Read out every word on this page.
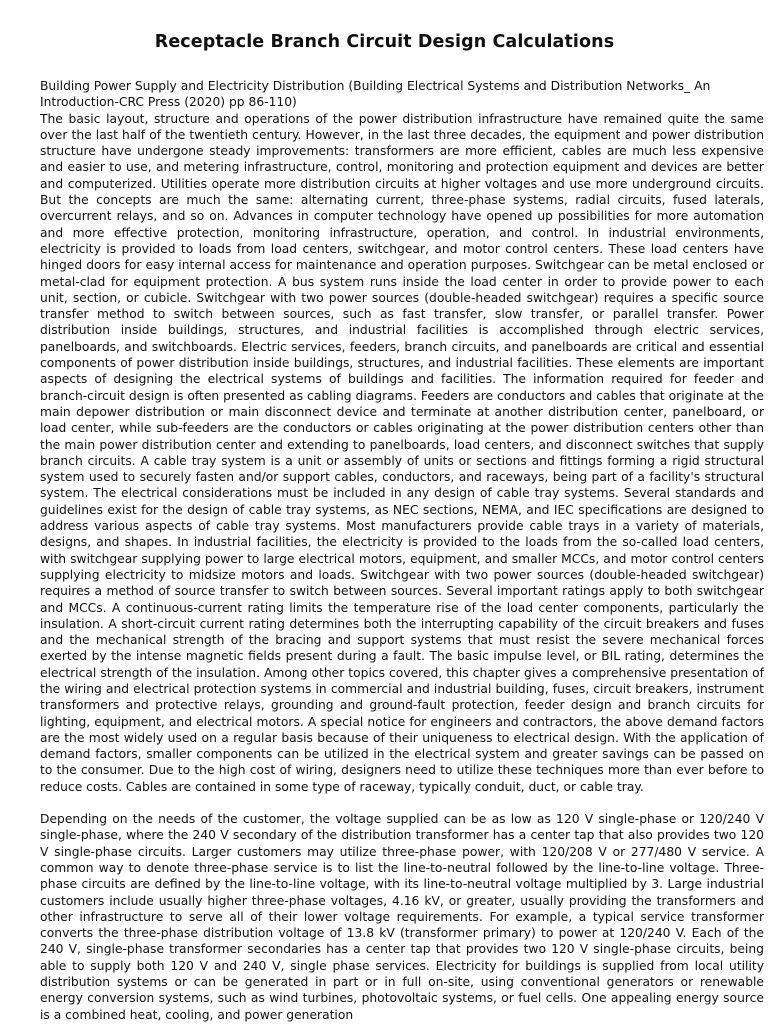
Receptacle Branch Circuit Design Calculations

Building Power Supply and Electricity Distribution (Building Electrical Systems and Distribution Networks_ An Introduction-CRC Press (2020) pp 86-110)

The basic layout, structure and operations of the power distribution infrastructure have remained quite the same over the last half of the twentieth century. However, in the last three decades, the equipment and power distribution structure have undergone steady improvements: transformers are more efficient, cables are much less expensive and easier to use, and metering infrastructure, control, monitoring and protection equipment and devices are better and computerized. Utilities operate more distribution circuits at higher voltages and use more underground circuits. But the concepts are much the same: alternating current, three-phase systems, radial circuits, fused laterals, overcurrent relays, and so on. Advances in computer technology have opened up possibilities for more automation and more effective protection, monitoring infrastructure, operation, and control. In industrial environments, electricity is provided to loads from load centers, switchgear, and motor control centers. These load centers have hinged doors for easy internal access for maintenance and operation purposes. Switchgear can be metal enclosed or metal-clad for equipment protection. A bus system runs inside the load center in order to provide power to each unit, section, or cubicle. Switchgear with two power sources (double-headed switchgear) requires a specific source transfer method to switch between sources, such as fast transfer, slow transfer, or parallel transfer. Power distribution inside buildings, structures, and industrial facilities is accomplished through electric services, panelboards, and switchboards. Electric services, feeders, branch circuits, and panelboards are critical and essential components of power distribution inside buildings, structures, and industrial facilities. These elements are important aspects of designing the electrical systems of buildings and facilities. The information required for feeder and branch-circuit design is often presented as cabling diagrams. Feeders are conductors and cables that originate at the main depower distribution or main disconnect device and terminate at another distribution center, panelboard, or load center, while sub-feeders are the conductors or cables originating at the power distribution centers other than the main power distribution center and extending to panelboards, load centers, and disconnect switches that supply branch circuits. A cable tray system is a unit or assembly of units or sections and fittings forming a rigid structural system used to securely fasten and/or support cables, conductors, and raceways, being part of a facility's structural system. The electrical considerations must be included in any design of cable tray systems. Several standards and guidelines exist for the design of cable tray systems, as NEC sections, NEMA, and IEC specifications are designed to address various aspects of cable tray systems. Most manufacturers provide cable trays in a variety of materials, designs, and shapes. In industrial facilities, the electricity is provided to the loads from the so-called load centers, with switchgear supplying power to large electrical motors, equipment, and smaller MCCs, and motor control centers supplying electricity to midsize motors and loads. Switchgear with two power sources (double-headed switchgear) requires a method of source transfer to switch between sources. Several important ratings apply to both switchgear and MCCs. A continuous-current rating limits the temperature rise of the load center components, particularly the insulation. A short-circuit current rating determines both the interrupting capability of the circuit breakers and fuses and the mechanical strength of the bracing and support systems that must resist the severe mechanical forces exerted by the intense magnetic fields present during a fault. The basic impulse level, or BIL rating, determines the electrical strength of the insulation. Among other topics covered, this chapter gives a comprehensive presentation of the wiring and electrical protection systems in commercial and industrial building, fuses, circuit breakers, instrument transformers and protective relays, grounding and ground-fault protection, feeder design and branch circuits for lighting, equipment, and electrical motors. A special notice for engineers and contractors, the above demand factors are the most widely used on a regular basis because of their uniqueness to electrical design. With the application of demand factors, smaller components can be utilized in the electrical system and greater savings can be passed on to the consumer. Due to the high cost of wiring, designers need to utilize these techniques more than ever before to reduce costs. Cables are contained in some type of raceway, typically conduit, duct, or cable tray.

Depending on the needs of the customer, the voltage supplied can be as low as 120 V single-phase or 120/240 V single-phase, where the 240 V secondary of the distribution transformer has a center tap that also provides two 120 V single-phase circuits. Larger customers may utilize three-phase power, with 120/208 V or 277/480 V service. A common way to denote three-phase service is to list the line-to-neutral followed by the line-to-line voltage. Three-phase circuits are defined by the line-to-line voltage, with its line-to-neutral voltage multiplied by 3. Large industrial customers include usually higher three-phase voltages, 4.16 kV, or greater, usually providing the transformers and other infrastructure to serve all of their lower voltage requirements. For example, a typical service transformer converts the three-phase distribution voltage of 13.8 kV (transformer primary) to power at 120/240 V. Each of the 240 V, single-phase transformer secondaries has a center tap that provides two 120 V single-phase circuits, being able to supply both 120 V and 240 V, single phase services. Electricity for buildings is supplied from local utility distribution systems or can be generated in part or in full on-site, using conventional generators or renewable energy conversion systems, such as wind turbines, photovoltaic systems, or fuel cells. One appealing energy source is a combined heat, cooling, and power generation
